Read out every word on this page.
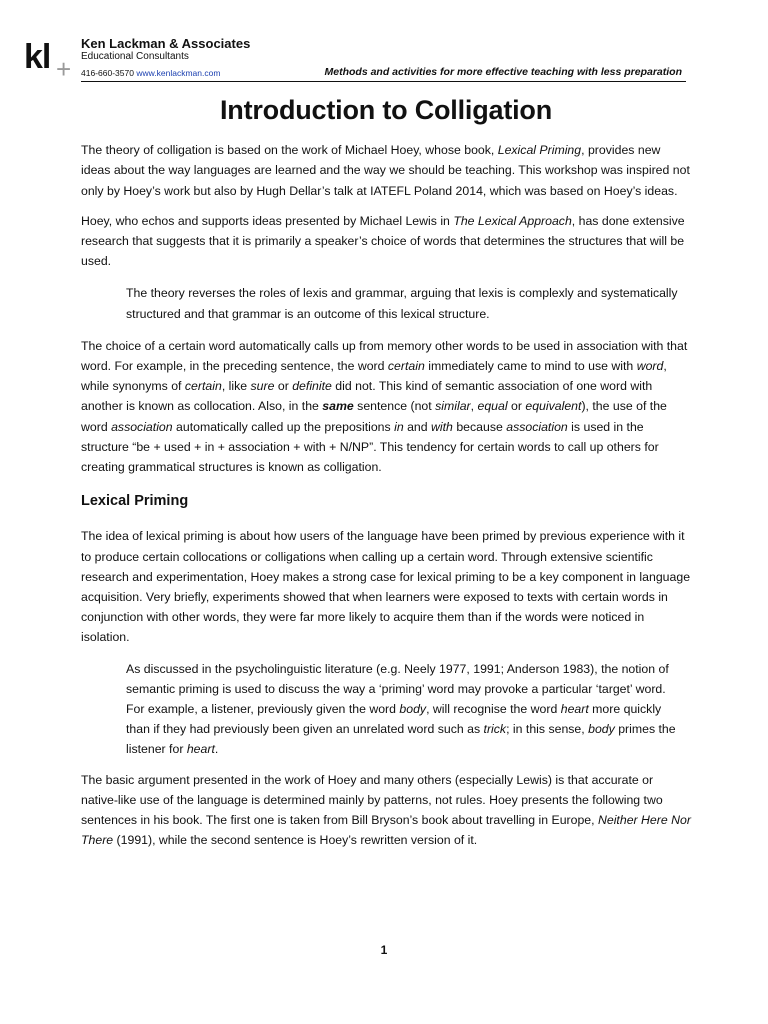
kl +
Ken Lackman & Associates
Educational Consultants
416-660-3570 www.kenlackman.com	Methods and activities for more effective teaching with less preparation
Introduction to Colligation

The theory of colligation is based on the work of Michael Hoey, whose book, Lexical Priming, provides new ideas about the way languages are learned and the way we should be teaching. This workshop was inspired not only by Hoey’s work but also by Hugh Dellar’s talk at IATEFL Poland 2014, which was based on Hoey’s ideas.

Hoey, who echos and supports ideas presented by Michael Lewis in The Lexical Approach, has done extensive research that suggests that it is primarily a speaker’s choice of words that determines the structures that will be used.

The theory reverses the roles of lexis and grammar, arguing that lexis is complexly and systematically structured and that grammar is an outcome of this lexical structure.

The choice of a certain word automatically calls up from memory other words to be used in association with that word. For example, in the preceding sentence, the word certain immediately came to mind to use with word, while synonyms of certain, like sure or definite did not. This kind of semantic association of one word with another is known as collocation. Also, in the same sentence (not similar, equal or equivalent), the use of the word association automatically called up the prepositions in and with because association is used in the structure “be + used + in + association + with + N/NP”. This tendency for certain words to call up others for creating grammatical structures is known as colligation.

Lexical Priming

The idea of lexical priming is about how users of the language have been primed by previous experience with it to produce certain collocations or colligations when calling up a certain word. Through extensive scientific research and experimentation, Hoey makes a strong case for lexical priming to be a key component in language acquisition. Very briefly, experiments showed that when learners were exposed to texts with certain words in conjunction with other words, they were far more likely to acquire them than if the words were noticed in isolation.

As discussed in the psycholinguistic literature (e.g. Neely 1977, 1991; Anderson 1983), the notion of semantic priming is used to discuss the way a ‘priming’ word may provoke a particular ‘target’ word. For example, a listener, previously given the word body, will recognise the word heart more quickly than if they had previously been given an unrelated word such as trick; in this sense, body primes the listener for heart.

The basic argument presented in the work of Hoey and many others (especially Lewis) is that accurate or native-like use of the language is determined mainly by patterns, not rules. Hoey presents the following two sentences in his book. The first one is taken from Bill Bryson’s book about travelling in Europe, Neither Here Nor There (1991), while the second sentence is Hoey’s rewritten version of it.

1
